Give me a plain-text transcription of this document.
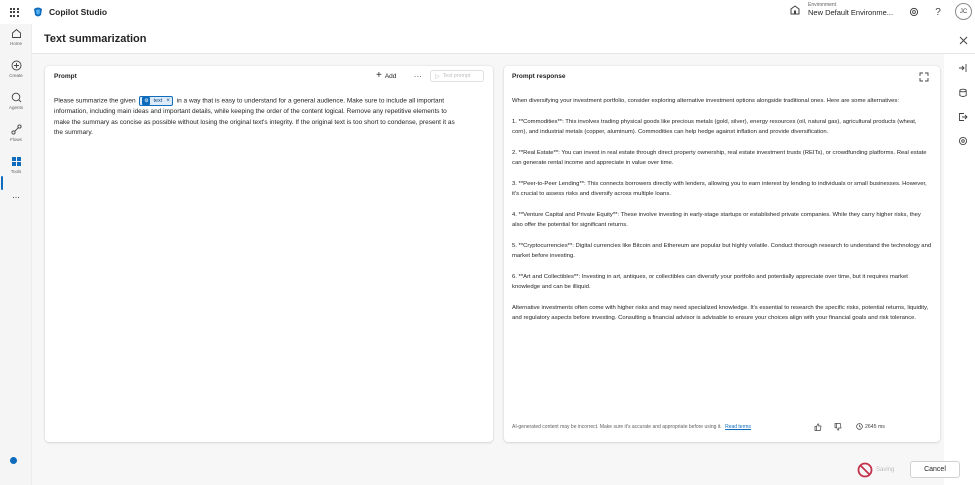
Copilot Studio
Environment
New Default Environme...	?	JC
Home
Create
Agents
Flows
Tools
...
Text summarization
Prompt	+ Add ... ▷ Test prompt
Please summarize the given	⚙ text × in a way that is easy to understand for a general audience. Make sure to include all important information, including main ideas and important details, while keeping the order of the content logical. Remove any repetitive elements to make the summary as concise as possible without losing the original text's integrity. If the original text is too short to condense, present it as the summary.
Prompt response

When diversifying your investment portfolio, consider exploring alternative investment options alongside traditional ones. Here are some alternatives:

1. **Commodities**: This involves trading physical goods like precious metals (gold, silver), energy resources (oil, natural gas), agricultural products (wheat, corn), and industrial metals (copper, aluminum). Commodities can help hedge against inflation and provide diversification.

2. **Real Estate**: You can invest in real estate through direct property ownership, real estate investment trusts (REITs), or crowdfunding platforms. Real estate can generate rental income and appreciate in value over time.

3. **Peer-to-Peer Lending**: This connects borrowers directly with lenders, allowing you to earn interest by lending to individuals or small businesses. However, it's crucial to assess risks and diversify across multiple loans.

4. **Venture Capital and Private Equity**: These involve investing in early-stage startups or established private companies. While they carry higher risks, they also offer the potential for significant returns.

5. **Cryptocurrencies**: Digital currencies like Bitcoin and Ethereum are popular but highly volatile. Conduct thorough research to understand the technology and market before investing.

6. **Art and Collectibles**: Investing in art, antiques, or collectibles can diversify your portfolio and potentially appreciate over time, but it requires market knowledge and can be illiquid.

Alternative investments often come with higher risks and may need specialized knowledge. It's essential to research the specific risks, potential returns, liquidity, and regulatory aspects before investing. Consulting a financial advisor is advisable to ensure your choices align with your financial goals and risk tolerance.

AI-generated content may be incorrect. Make sure it's accurate and appropriate before using it. Read terms	2645 ms
Saving	Cancel
